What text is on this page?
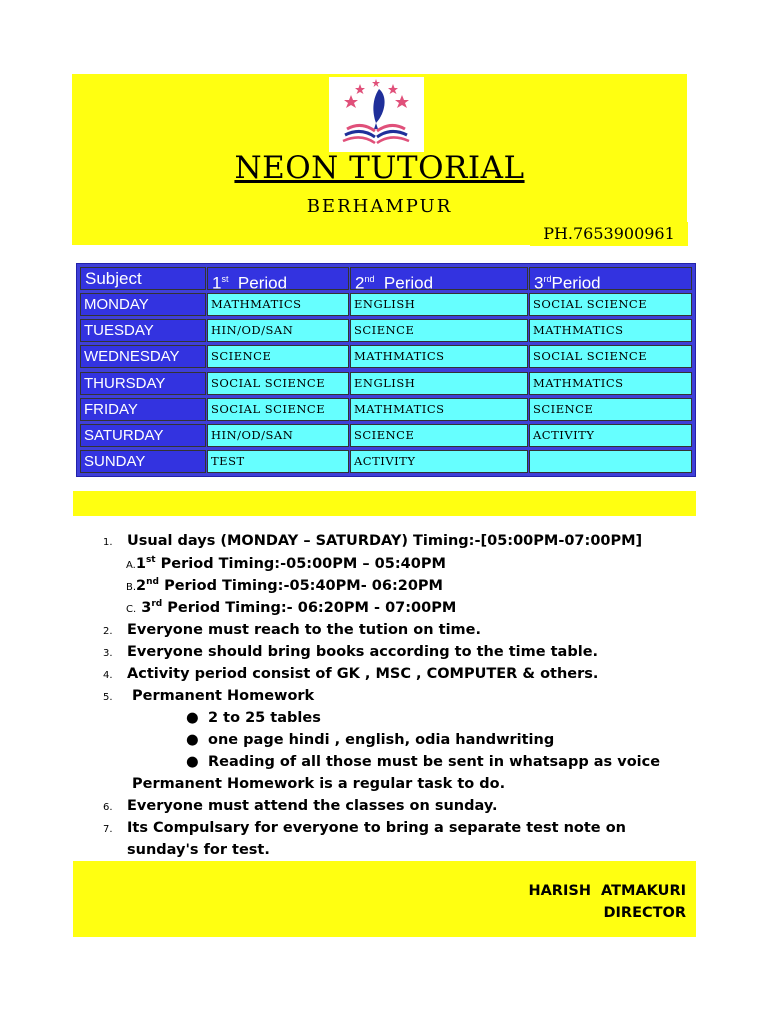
NEON TUTORIAL
BERHAMPUR
PH.7653900961
Subject	1st  Period	2nd  Period	3rdPeriod
MONDAY	MATHMATICS	ENGLISH	SOCIAL SCIENCE
TUESDAY	HIN/OD/SAN	SCIENCE	MATHMATICS
WEDNESDAY	SCIENCE	MATHMATICS	SOCIAL SCIENCE
THURSDAY	SOCIAL SCIENCE	ENGLISH	MATHMATICS
FRIDAY	SOCIAL SCIENCE	MATHMATICS	SCIENCE
SATURDAY	HIN/OD/SAN	SCIENCE	ACTIVITY
SUNDAY	TEST	ACTIVITY
1. Usual days (MONDAY – SATURDAY) Timing:-[05:00PM-07:00PM]
A.1st Period Timing:-05:00PM – 05:40PM
B.2nd Period Timing:-05:40PM- 06:20PM
C. 3rd Period Timing:- 06:20PM - 07:00PM
2. Everyone must reach to the tution on time.
3. Everyone should bring books according to the time table.
4. Activity period consist of GK , MSC , COMPUTER & others.
5. Permanent Homework
● 2 to 25 tables
● one page hindi , english, odia handwriting
● Reading of all those must be sent in whatsapp as voice
Permanent Homework is a regular task to do.
6. Everyone must attend the classes on sunday.
7. Its Compulsary for everyone to bring a separate test note on
sunday's for test.
HARISH  ATMAKURI
DIRECTOR
